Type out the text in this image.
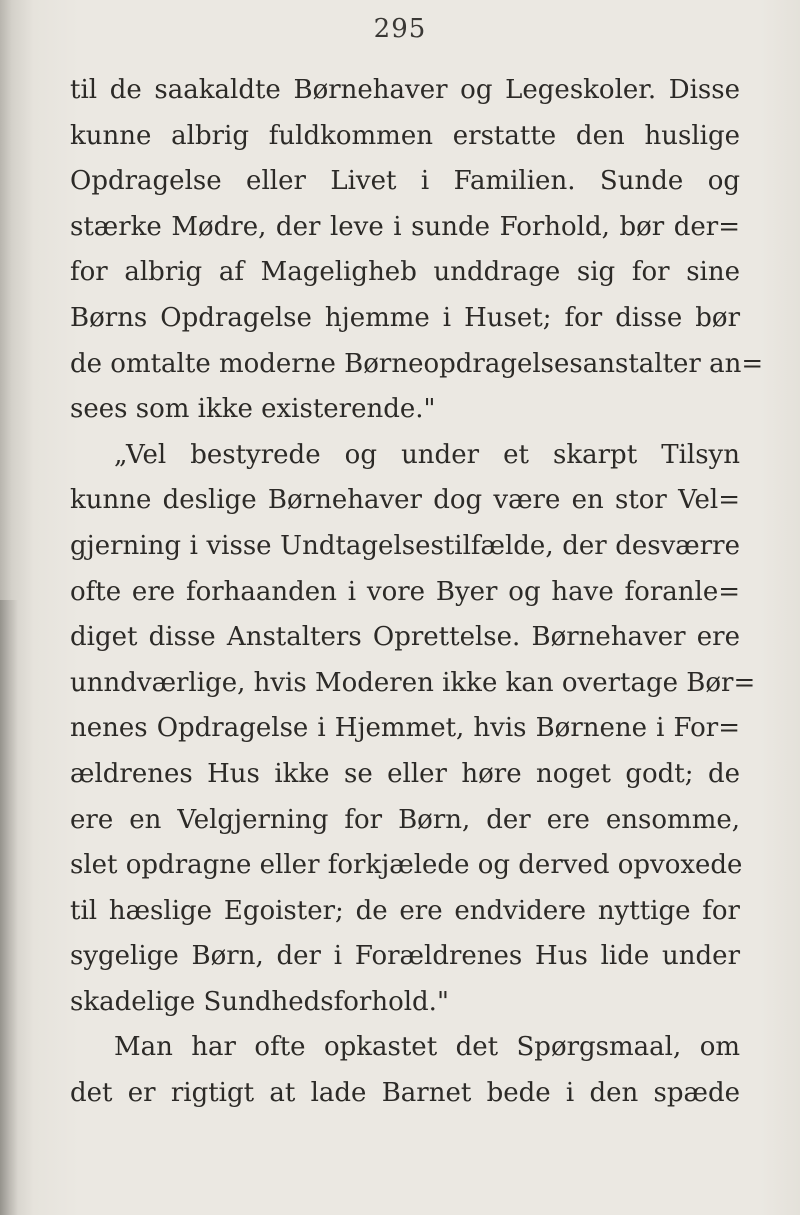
295
til de saakaldte Børnehaver og Legeskoler. Disse
kunne albrig fuldkommen erstatte den huslige
Opdragelse eller Livet i Familien. Sunde og
stærke Mødre, der leve i sunde Forhold, bør der=
for albrig af Mageligheb unddrage sig for sine
Børns Opdragelse hjemme i Huset; for disse bør
de omtalte moderne Børneopdragelsesanstalter an=
sees som ikke existerende."
„Vel bestyrede og under et skarpt Tilsyn
kunne deslige Børnehaver dog være en stor Vel=
gjerning i visse Undtagelsestilfælde, der desværre
ofte ere forhaanden i vore Byer og have foranle=
diget disse Anstalters Oprettelse. Børnehaver ere
unndværlige, hvis Moderen ikke kan overtage Bør=
nenes Opdragelse i Hjemmet, hvis Børnene i For=
ældrenes Hus ikke se eller høre noget godt; de
ere en Velgjerning for Børn, der ere ensomme,
slet opdragne eller forkjælede og derved opvoxede
til hæslige Egoister; de ere endvidere nyttige for
sygelige Børn, der i Forældrenes Hus lide under
skadelige Sundhedsforhold."
Man har ofte opkastet det Spørgsmaal, om
det er rigtigt at lade Barnet bede i den spæde
